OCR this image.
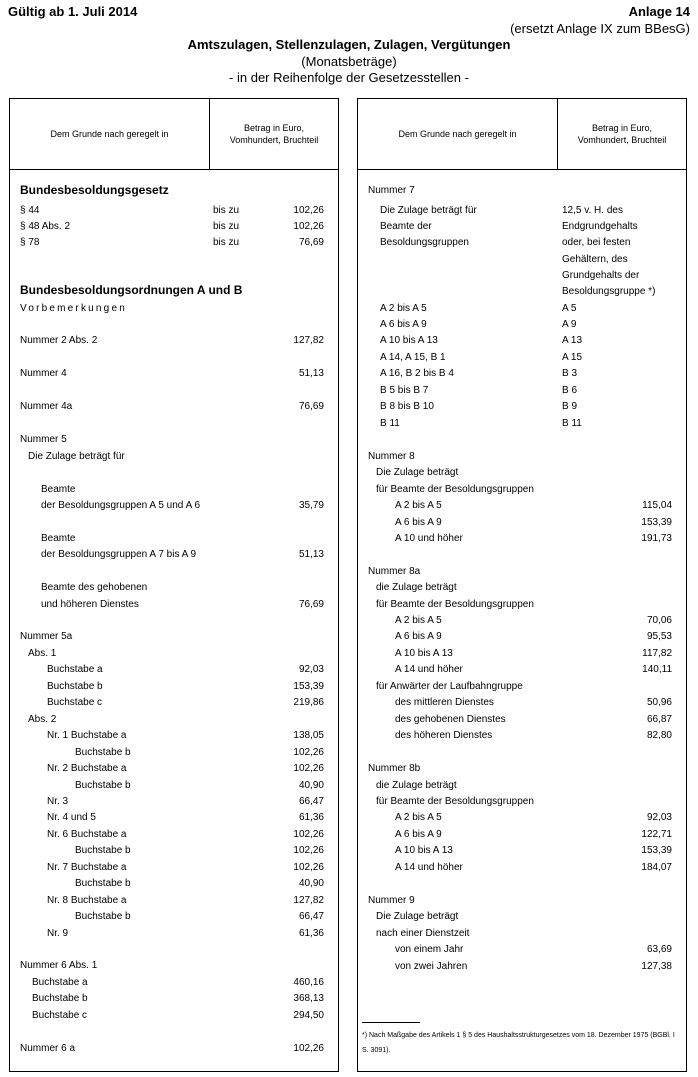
Gültig ab 1. Juli 2014	Anlage 14
(ersetzt Anlage IX zum BBesG)
Amtszulagen, Stellenzulagen, Zulagen, Vergütungen
(Monatsbeträge)
- in der Reihenfolge der Gesetzesstellen -
Dem Grunde nach geregelt in
Betrag in Euro,
Vomhundert, Bruchteil
Bundesbesoldungsgesetz
§ 44	bis zu	102,26
§ 48 Abs. 2	bis zu	102,26
§ 78	bis zu	76,69
Bundesbesoldungsordnungen A und B
Vorbemerkungen
Nummer 2 Abs. 2	127,82
Nummer 4	51,13
Nummer 4a	76,69
Nummer 5
Die Zulage beträgt für
Beamte
der Besoldungsgruppen A 5 und A 6	35,79
Beamte
der Besoldungsgruppen A 7 bis A 9	51,13
Beamte des gehobenen
und höheren Dienstes	76,69
Nummer 5a
Abs. 1
Buchstabe a	92,03
Buchstabe b	153,39
Buchstabe c	219,86
Abs. 2
Nr. 1 Buchstabe a	138,05
Buchstabe b	102,26
Nr. 2 Buchstabe a	102,26
Buchstabe b	40,90
Nr. 3	66,47
Nr. 4 und 5	61,36
Nr. 6 Buchstabe a	102,26
Buchstabe b	102,26
Nr. 7 Buchstabe a	102,26
Buchstabe b	40,90
Nr. 8 Buchstabe a	127,82
Buchstabe b	66,47
Nr. 9	61,36
Nummer 6 Abs. 1
Buchstabe a	460,16
Buchstabe b	368,13
Buchstabe c	294,50
Nummer 6 a	102,26
Dem Grunde nach geregelt in
Betrag in Euro,
Vomhundert, Bruchteil
*) Nach Maßgabe des Artikels 1 § 5 des Haushaltsstrukturgesetzes vom 18. Dezember 1975 (BGBl. I S. 3091).
Nummer 7
Die Zulage beträgt für	12,5 v. H. des
Beamte der	Endgrundgehalts
Besoldungsgruppen	oder, bei festen
Gehältern, des
Grundgehalts der
Besoldungsgruppe *)
A 2 bis A 5	A 5
A 6 bis A 9	A 9
A 10 bis A 13	A 13
A 14, A 15, B 1	A 15
A 16, B 2 bis B 4	B 3
B 5 bis B 7	B 6
B 8 bis B 10	B 9
B 11	B 11
Nummer 8
Die Zulage beträgt
für Beamte der Besoldungsgruppen
A 2 bis A 5	115,04
A 6 bis A 9	153,39
A 10 und höher	191,73
Nummer 8a
die Zulage beträgt
für Beamte der Besoldungsgruppen
A 2 bis A 5	70,06
A 6 bis A 9	95,53
A 10 bis A 13	117,82
A 14 und höher	140,11
für Anwärter der Laufbahngruppe
des mittleren Dienstes	50,96
des gehobenen Dienstes	66,87
des höheren Dienstes	82,80
Nummer 8b
die Zulage beträgt
für Beamte der Besoldungsgruppen
A 2 bis A 5	92,03
A 6 bis A 9	122,71
A 10 bis A 13	153,39
A 14 und höher	184,07
Nummer 9
Die Zulage beträgt
nach einer Dienstzeit
von einem Jahr	63,69
von zwei Jahren	127,38
